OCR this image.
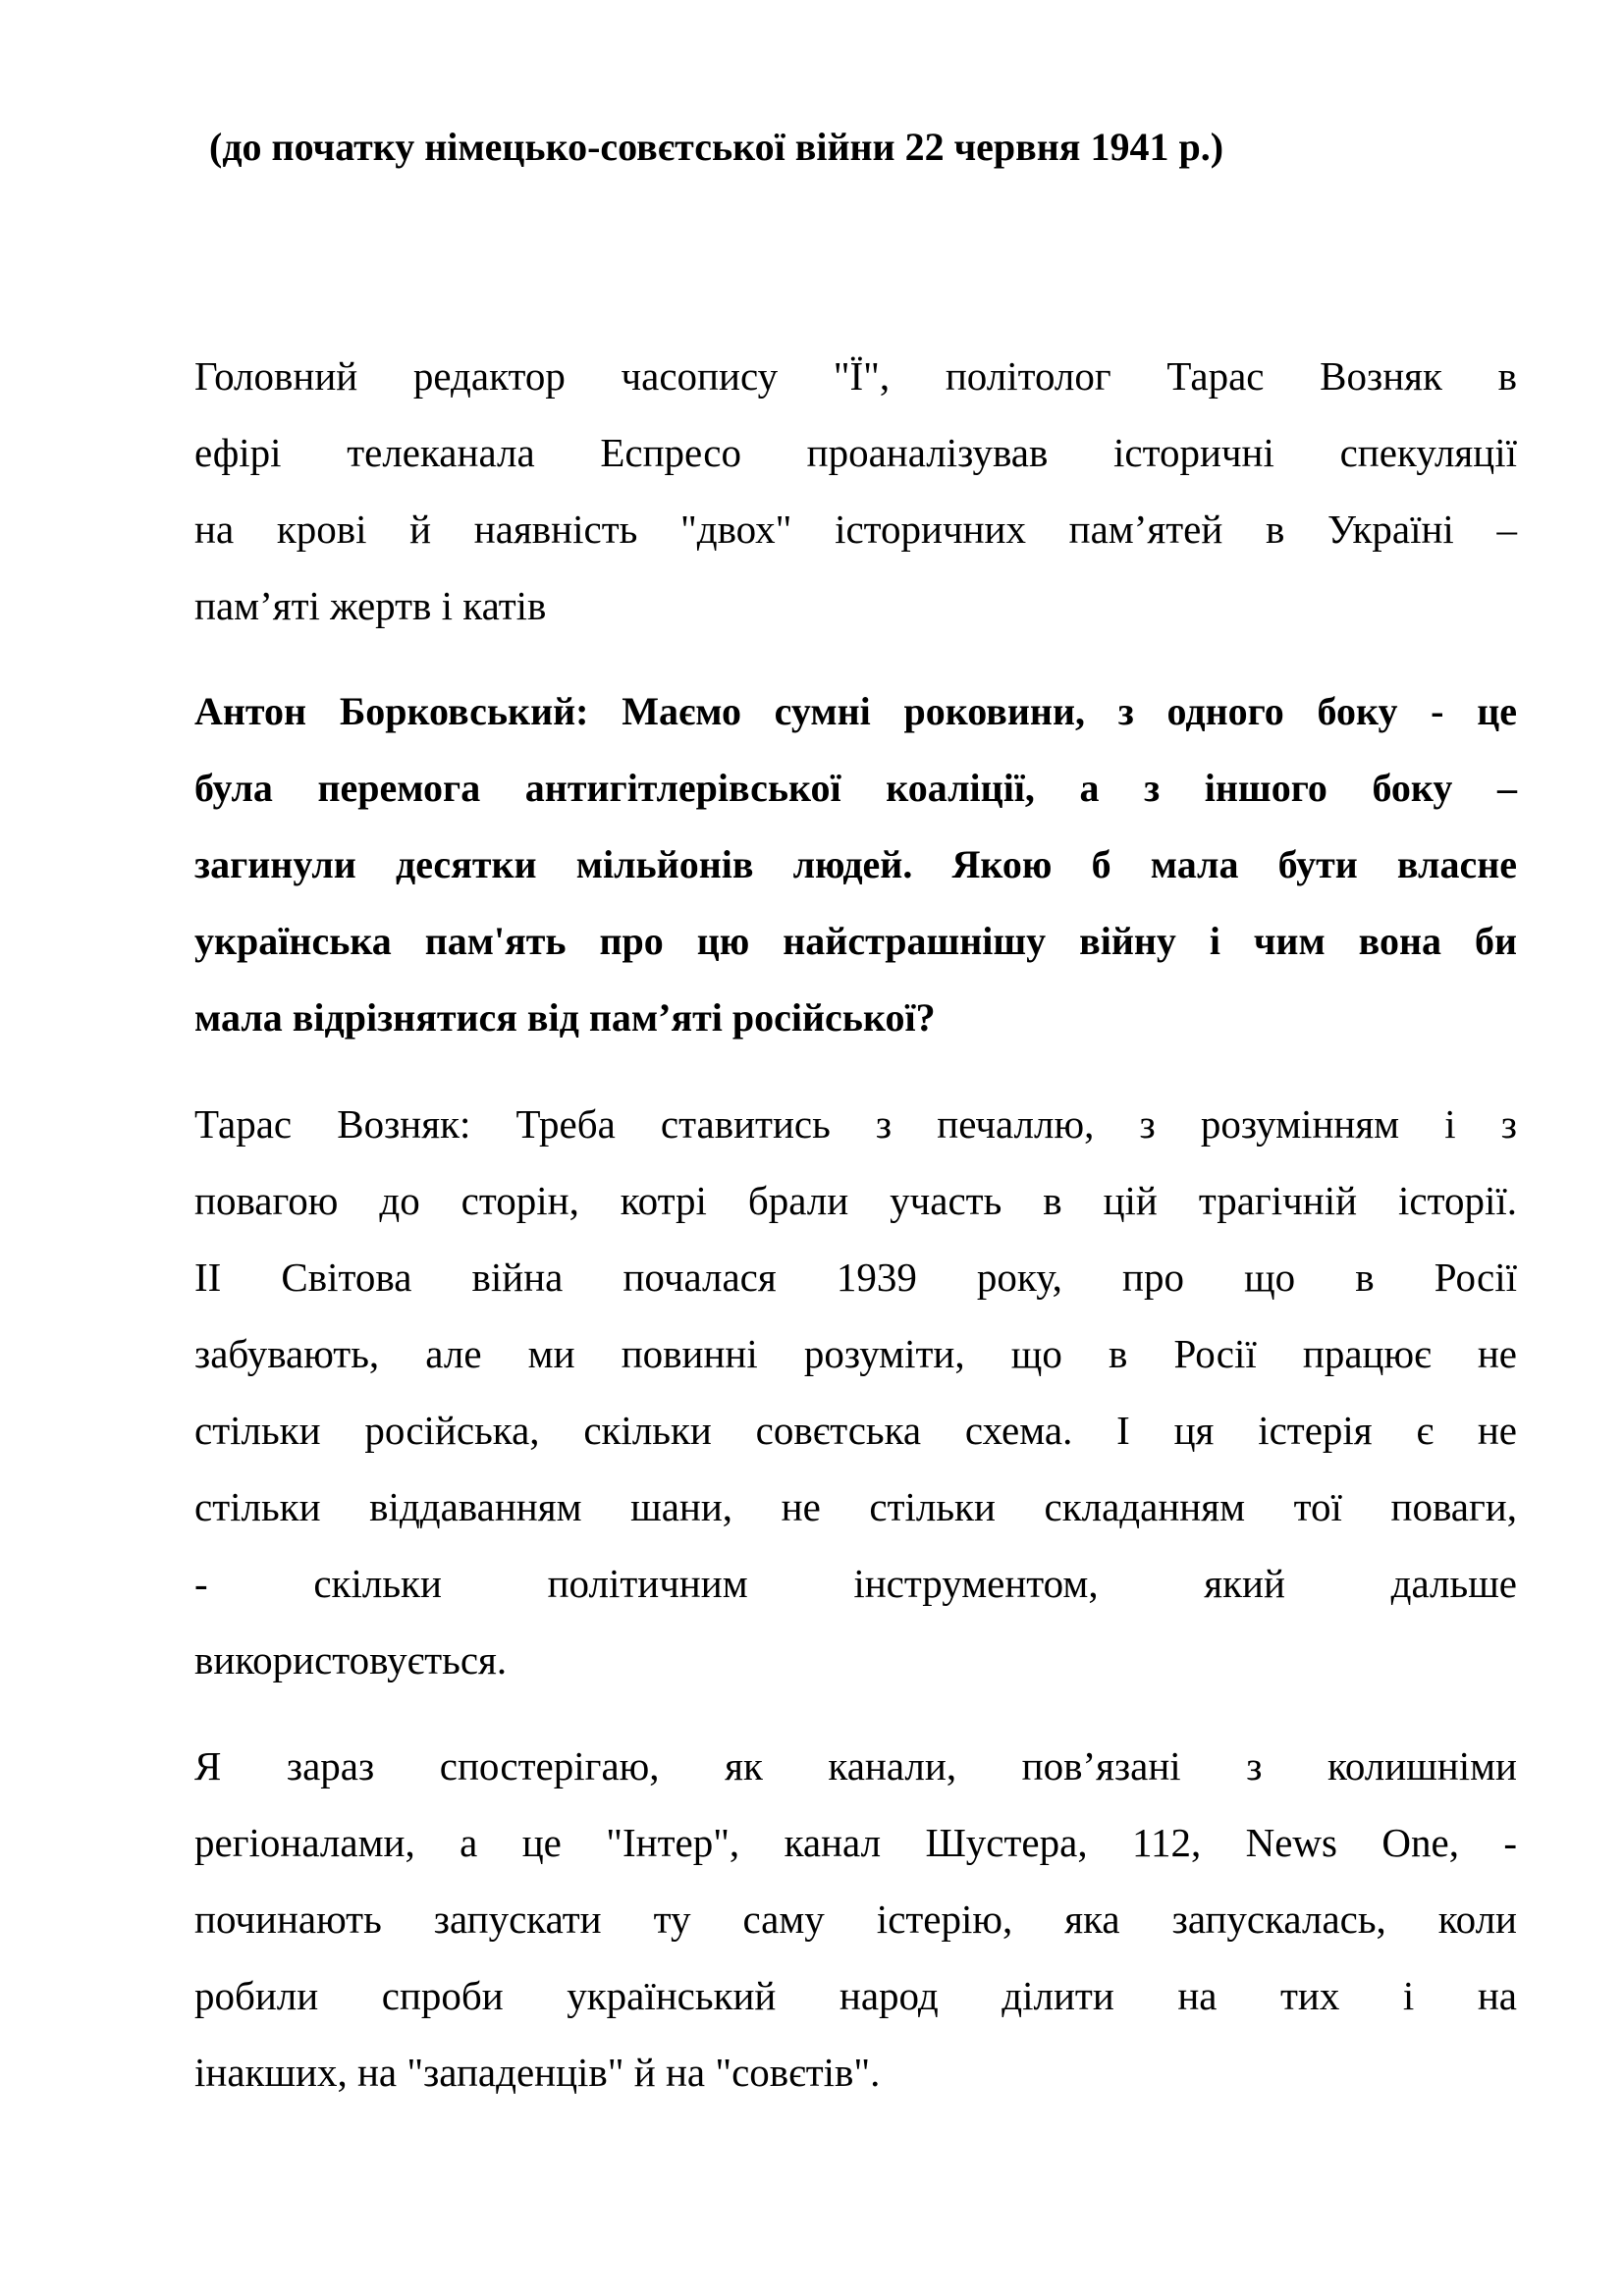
(до початку німецько-совєтської війни 22 червня 1941 р.)
Головний редактор часопису "Ї", політолог Тарас Возняк в
ефірі телеканала Еспресо проаналізував історичні спекуляції
на крові й наявність "двох" історичних пам’ятей в Україні –
пам’яті жертв і катів
Антон Борковський: Маємо сумні роковини, з одного боку - це
була перемога антигітлерівської коаліції, а з іншого боку –
загинули десятки мільйонів людей. Якою б мала бути власне
українська пам'ять про цю найстрашнішу війну і чим вона би
мала відрізнятися від пам’яті російської?
Тарас Возняк: Треба ставитись з печаллю, з розумінням і з
повагою до сторін, котрі брали участь в цій трагічній історії.
ІІ Світова війна почалася 1939 року, про що в Росії
забувають, але ми повинні розуміти, що в Росії працює не
стільки російська, скільки совєтська схема. І ця істерія є не
стільки віддаванням шани, не стільки складанням тої поваги,
- скільки політичним інструментом, який дальше
використовується.
Я зараз спостерігаю, як канали, пов’язані з колишніми
регіоналами, а це "Інтер", канал Шустера, 112, News One, -
починають запускати ту саму істерію, яка запускалась, коли
робили спроби український народ ділити на тих і на
інакших, на "западенців" й на "совєтів".
